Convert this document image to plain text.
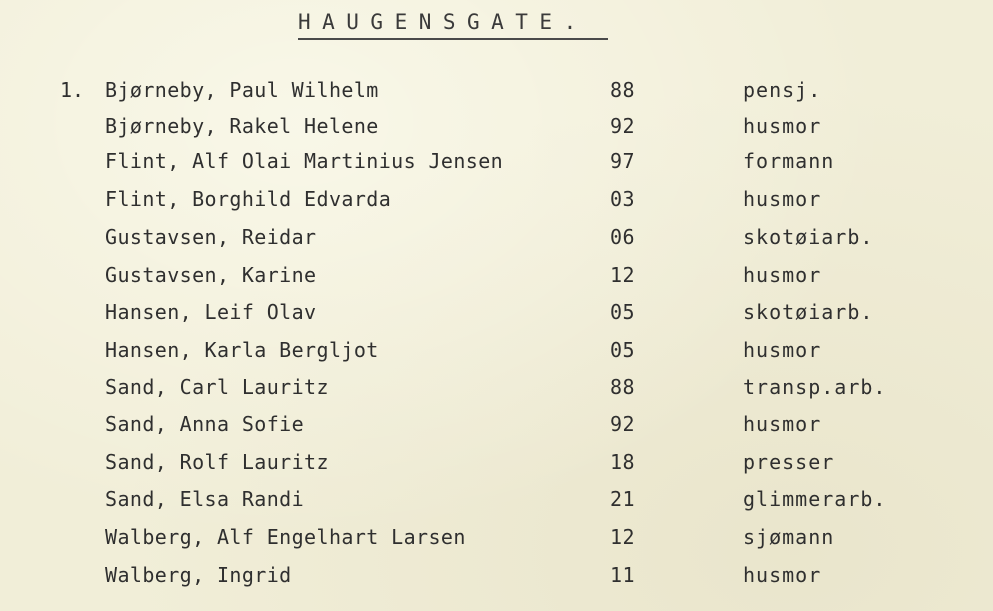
HAUGENSGATE.
1. Bjørneby, Paul Wilhelm	88	pensj.
Bjørneby, Rakel Helene	92	husmor
Flint, Alf Olai Martinius Jensen	97	formann
Flint, Borghild Edvarda	03	husmor
Gustavsen, Reidar	06	skotøiarb.
Gustavsen, Karine	12	husmor
Hansen, Leif Olav	05	skotøiarb.
Hansen, Karla Bergljot	05	husmor
Sand, Carl Lauritz	88	transp.arb.
Sand, Anna Sofie	92	husmor
Sand, Rolf Lauritz	18	presser
Sand, Elsa Randi	21	glimmerarb.
Walberg, Alf Engelhart Larsen	12	sjømann
Walberg, Ingrid	11	husmor
